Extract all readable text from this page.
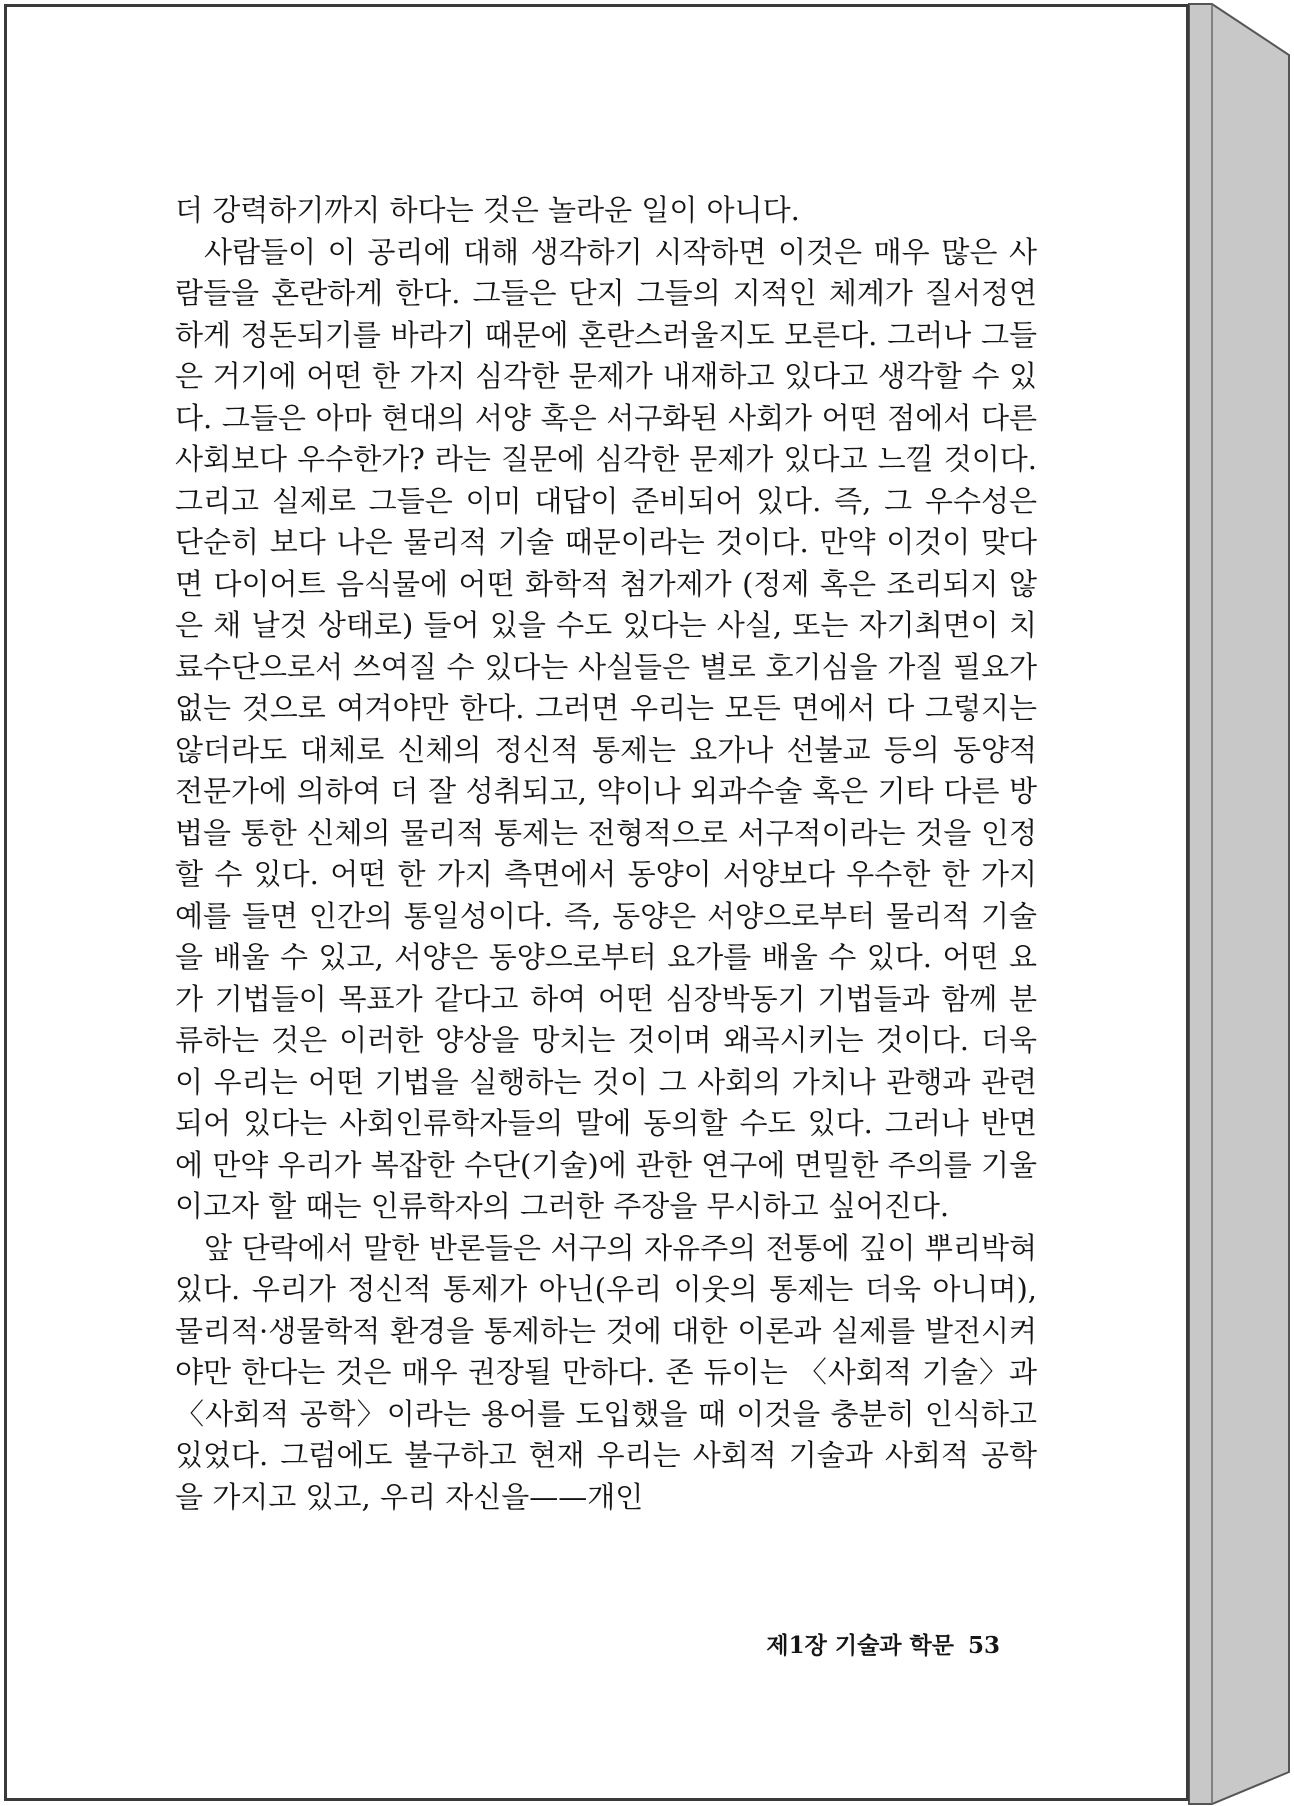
더 강력하기까지 하다는 것은 놀라운 일이 아니다.

사람들이 이 공리에 대해 생각하기 시작하면 이것은 매우 많은 사람들을 혼란하게 한다. 그들은 단지 그들의 지적인 체계가 질서정연하게 정돈되기를 바라기 때문에 혼란스러울지도 모른다. 그러나 그들은 거기에 어떤 한 가지 심각한 문제가 내재하고 있다고 생각할 수 있다. 그들은 아마 현대의 서양 혹은 서구화된 사회가 어떤 점에서 다른 사회보다 우수한가? 라는 질문에 심각한 문제가 있다고 느낄 것이다. 그리고 실제로 그들은 이미 대답이 준비되어 있다. 즉, 그 우수성은 단순히 보다 나은 물리적 기술 때문이라는 것이다. 만약 이것이 맞다면 다이어트 음식물에 어떤 화학적 첨가제가 (정제 혹은 조리되지 않은 채 날것 상태로) 들어 있을 수도 있다는 사실, 또는 자기최면이 치료수단으로서 쓰여질 수 있다는 사실들은 별로 호기심을 가질 필요가 없는 것으로 여겨야만 한다. 그러면 우리는 모든 면에서 다 그렇지는 않더라도 대체로 신체의 정신적 통제는 요가나 선불교 등의 동양적 전문가에 의하여 더 잘 성취되고, 약이나 외과수술 혹은 기타 다른 방법을 통한 신체의 물리적 통제는 전형적으로 서구적이라는 것을 인정할 수 있다. 어떤 한 가지 측면에서 동양이 서양보다 우수한 한 가지 예를 들면 인간의 통일성이다. 즉, 동양은 서양으로부터 물리적 기술을 배울 수 있고, 서양은 동양으로부터 요가를 배울 수 있다. 어떤 요가 기법들이 목표가 같다고 하여 어떤 심장박동기 기법들과 함께 분류하는 것은 이러한 양상을 망치는 것이며 왜곡시키는 것이다. 더욱이 우리는 어떤 기법을 실행하는 것이 그 사회의 가치나 관행과 관련되어 있다는 사회인류학자들의 말에 동의할 수도 있다. 그러나 반면에 만약 우리가 복잡한 수단(기술)에 관한 연구에 면밀한 주의를 기울이고자 할 때는 인류학자의 그러한 주장을 무시하고 싶어진다.

앞 단락에서 말한 반론들은 서구의 자유주의 전통에 깊이 뿌리박혀 있다. 우리가 정신적 통제가 아닌(우리 이웃의 통제는 더욱 아니며), 물리적·생물학적 환경을 통제하는 것에 대한 이론과 실제를 발전시켜야만 한다는 것은 매우 권장될 만하다. 존 듀이는 〈사회적 기술〉과 〈사회적 공학〉이라는 용어를 도입했을 때 이것을 충분히 인식하고 있었다. 그럼에도 불구하고 현재 우리는 사회적 기술과 사회적 공학을 가지고 있고, 우리 자신을——개인

제1장 기술과 학문 53
